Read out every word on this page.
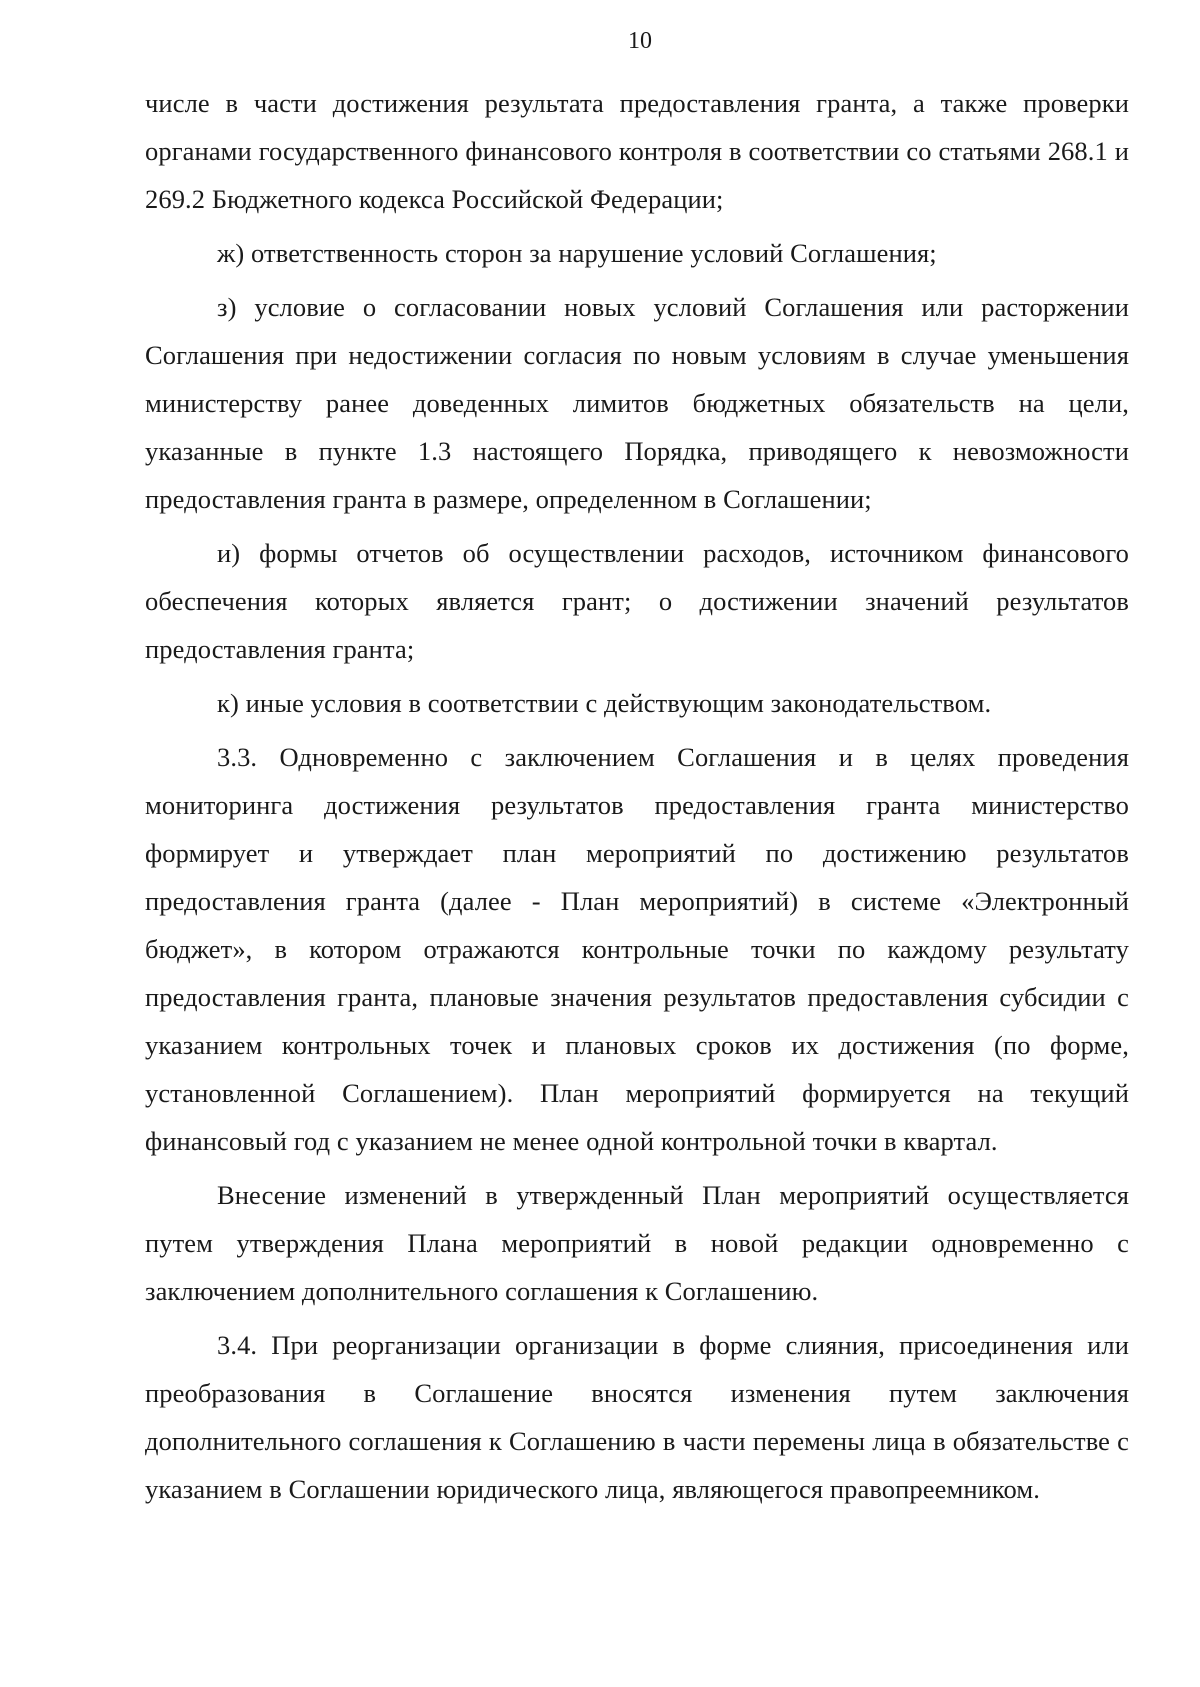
10

числе в части достижения результата предоставления гранта, а также проверки органами государственного финансового контроля в соответствии со статьями 268.1 и 269.2 Бюджетного кодекса Российской Федерации;

ж) ответственность сторон за нарушение условий Соглашения;

з) условие о согласовании новых условий Соглашения или расторжении Соглашения при недостижении согласия по новым условиям в случае уменьшения министерству ранее доведенных лимитов бюджетных обязательств на цели, указанные в пункте 1.3 настоящего Порядка, приводящего к невозможности предоставления гранта в размере, определенном в Соглашении;

и) формы отчетов об осуществлении расходов, источником финансового обеспечения которых является грант; о достижении значений результатов предоставления гранта;

к) иные условия в соответствии с действующим законодательством.

3.3. Одновременно с заключением Соглашения и в целях проведения мониторинга достижения результатов предоставления гранта министерство формирует и утверждает план мероприятий по достижению результатов предоставления гранта (далее - План мероприятий) в системе «Электронный бюджет», в котором отражаются контрольные точки по каждому результату предоставления гранта, плановые значения результатов предоставления субсидии с указанием контрольных точек и плановых сроков их достижения (по форме, установленной Соглашением). План мероприятий формируется на текущий финансовый год с указанием не менее одной контрольной точки в квартал.

Внесение изменений в утвержденный План мероприятий осуществляется путем утверждения Плана мероприятий в новой редакции одновременно с заключением дополнительного соглашения к Соглашению.

3.4. При реорганизации организации в форме слияния, присоединения или преобразования в Соглашение вносятся изменения путем заключения дополнительного соглашения к Соглашению в части перемены лица в обязательстве с указанием в Соглашении юридического лица, являющегося правопреемником.
